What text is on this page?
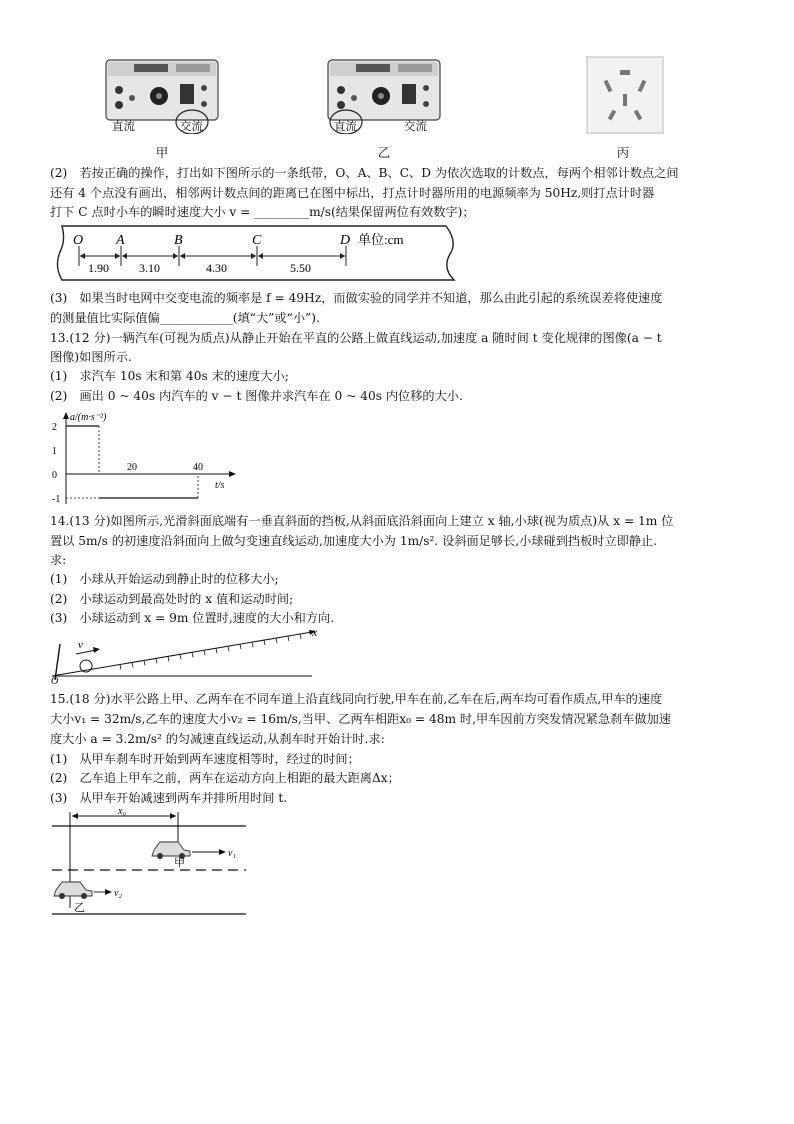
直流	交流
甲
直流	交流
乙	丙
(2)　若按正确的操作，打出如下图所示的一条纸带，O、A、B、C、D 为依次选取的计数点，每两个相邻计数点之间
还有 4 个点没有画出，相邻两计数点间的距离已在图中标出，打点计时器所用的电源频率为 50Hz,则打点计时器
打下 C 点时小车的瞬时速度大小 v = _________m/s(结果保留两位有效数字)；
O A	B	C	D
1.90	3.10	4.30	5.50
单位:cm
(3)　如果当时电网中交变电流的频率是 f = 49Hz，而做实验的同学并不知道，那么由此引起的系统误差将使速度
的测量值比实际值偏____________(填“大”或“小”).
13.(12 分)一辆汽车(可视为质点)从静止开始在平直的公路上做直线运动,加速度 a 随时间 t 变化规律的图像(a − t
图像)如图所示.
(1)　求汽车 10s 末和第 40s 末的速度大小;
(2)　画出 0 ~ 40s 内汽车的 v − t 图像并求汽车在 0 ~ 40s 内位移的大小.
a/(m·s⁻²)
t/s
2
1
0
-1
20	40
14.(13 分)如图所示,光滑斜面底端有一垂直斜面的挡板,从斜面底沿斜面向上建立 x 轴,小球(视为质点)从 x = 1m 位
置以 5m/s 的初速度沿斜面向上做匀变速直线运动,加速度大小为 1m/s². 设斜面足够长,小球碰到挡板时立即静止.
求:
(1)　小球从开始运动到静止时的位移大小;
(2)　小球运动到最高处时的 x 值和运动时间;
(3)　小球运动到 x = 9m 位置时,速度的大小和方向.
v
x
O
15.(18 分)水平公路上甲、乙两车在不同车道上沿直线同向行驶,甲车在前,乙车在后,两车均可看作质点,甲车的速度
大小v₁ = 32m/s,乙车的速度大小v₂ = 16m/s,当甲、乙两车相距x₀ = 48m 时,甲车因前方突发情况紧急刹车做加速
度大小 a = 3.2m/s² 的匀减速直线运动,从刹车时开始计时.求:
(1)　从甲车刹车时开始到两车速度相等时，经过的时间；
(2)　乙车追上甲车之前，两车在运动方向上相距的最大距离Δx；
(3)　从甲车开始减速到两车并排所用时间 t.
x₀
甲
v₁
乙
v₂
